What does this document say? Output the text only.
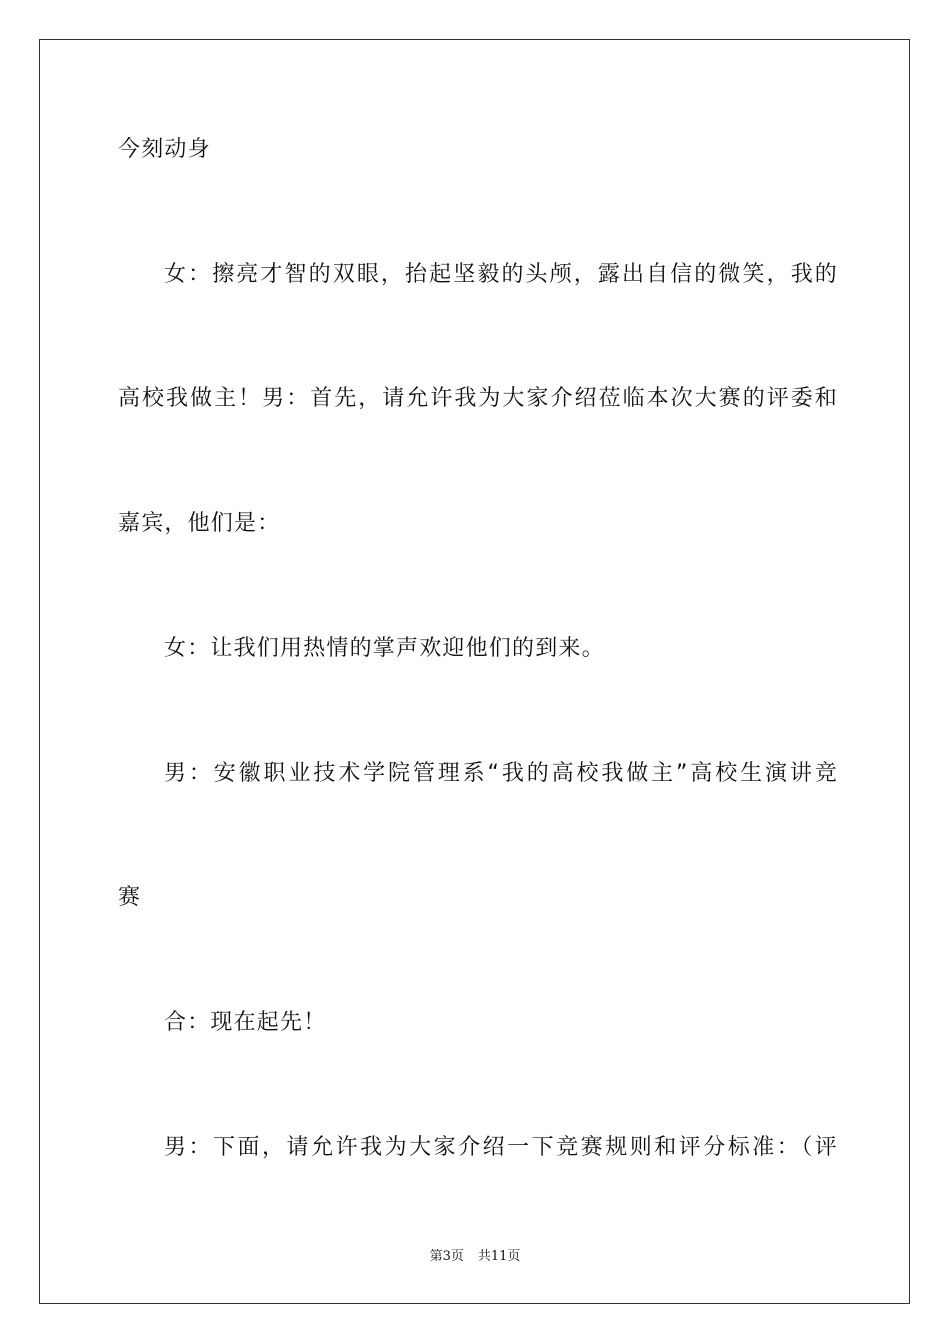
今刻动身
女：擦亮才智的双眼，抬起坚毅的头颅，露出自信的微笑，我的
高校我做主！男：首先，请允许我为大家介绍莅临本次大赛的评委和
嘉宾，他们是：
女：让我们用热情的掌声欢迎他们的到来。
男：安徽职业技术学院管理系“我的高校我做主”高校生演讲竞
赛
合：现在起先！
男：下面，请允许我为大家介绍一下竞赛规则和评分标准：（评
第3页 共11页
